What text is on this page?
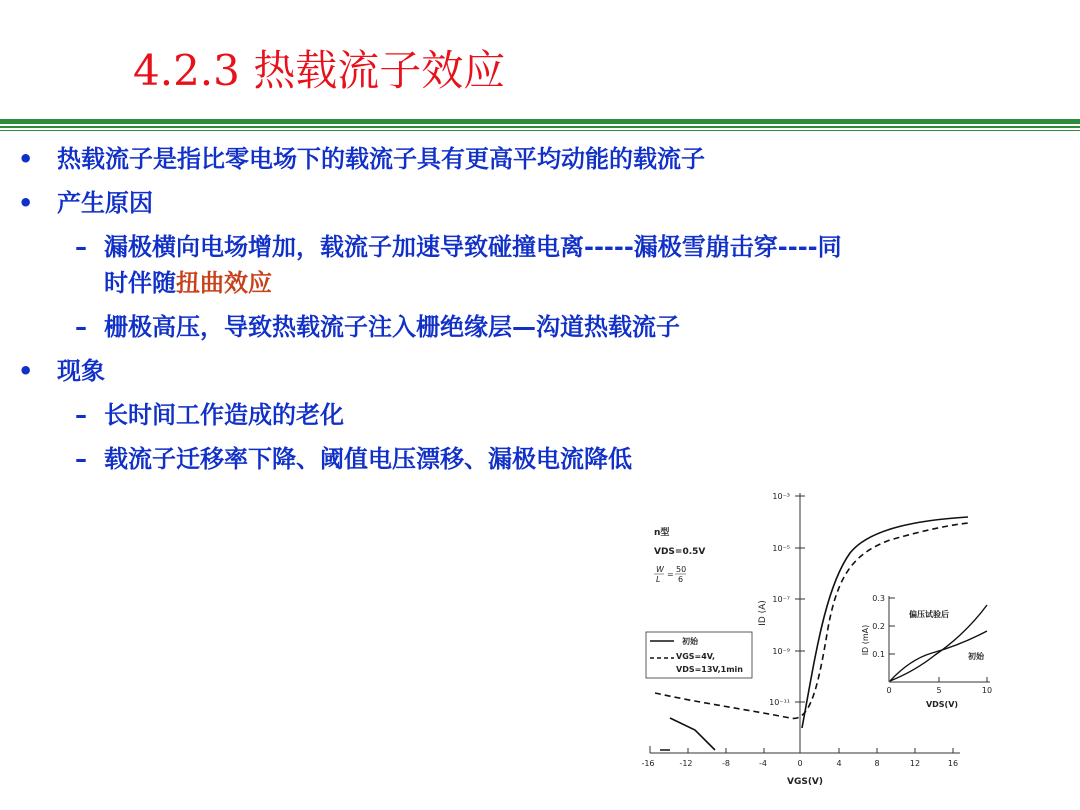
4.2.3 热载流子效应
• 热载流子是指比零电场下的载流子具有更高平均动能的载流子
• 产生原因
– 漏极横向电场增加，载流子加速导致碰撞电离-----漏极雪崩击穿----同
时伴随扭曲效应
– 栅极高压，导致热载流子注入栅绝缘层—沟道热载流子
• 现象
– 长时间工作造成的老化
– 载流子迁移率下降、阈值电压漂移、漏极电流降低
-16	-12	-8	-4	0	4	8	12	16
VGS(V)
10⁻³
10⁻⁵
10⁻⁷
10⁻⁹
10⁻¹¹
ID (A)
n型
VDS=0.5V
W
L
=
50
6
初始
VGS=4V,
VDS=13V,1min
0.3
0.2
0.1
0	5	10
VDS(V)
ID (mA)
偏压试验后
初始
